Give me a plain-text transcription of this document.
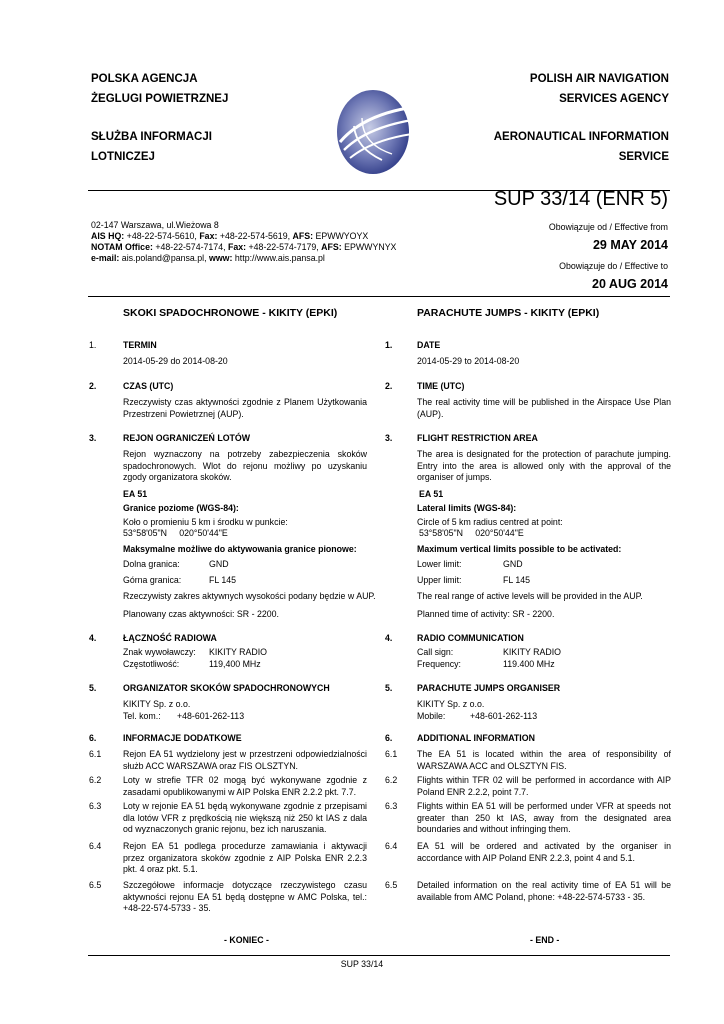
POLSKA AGENCJA
ŻEGLUGI POWIETRZNEJ
SŁUŻBA INFORMACJI
LOTNICZEJ
POLISH AIR NAVIGATION
SERVICES AGENCY
AERONAUTICAL INFORMATION
SERVICE
02-147 Warszawa, ul.Wieżowa 8
AIS HQ: +48-22-574-5610, Fax: +48-22-574-5619, AFS: EPWWYOYX
NOTAM Office: +48-22-574-7174, Fax: +48-22-574-7179, AFS: EPWWYNYX
e-mail: ais.poland@pansa.pl, www: http://www.ais.pansa.pl
SUP 33/14 (ENR 5)
Obowiązuje od / Effective from
29 MAY 2014
Obowiązuje do / Effective to
20 AUG 2014
SKOKI SPADOCHRONOWE - KIKITY (EPKI)	PARACHUTE JUMPS - KIKITY (EPKI)
1.	TERMIN
2014-05-29 do 2014-08-20
2.	CZAS (UTC)
Rzeczywisty czas aktywności zgodnie z Planem Użytkowania Przestrzeni Powietrznej (AUP).
3.	REJON OGRANICZEŃ LOTÓW
Rejon wyznaczony na potrzeby zabezpieczenia skoków spadochronowych. Wlot do rejonu możliwy po uzyskaniu zgody organizatora skoków.
EA 51
Granice poziome (WGS-84):
Koło o promieniu 5 km i środku w punkcie:
53°58'05"N     020°50'44"E
Maksymalne możliwe do aktywowania granice pionowe:
Dolna granica:	GND
Górna granica:	FL 145
Rzeczywisty zakres aktywnych wysokości podany będzie w AUP.
Planowany czas aktywności: SR - 2200.
4.	ŁĄCZNOŚĆ RADIOWA
Znak wywoławczy: KIKITY RADIO
Częstotliwość:	119,400 MHz
5.	ORGANIZATOR SKOKÓW SPADOCHRONOWYCH
KIKITY Sp. z o.o.
Tel. kom.: +48-601-262-113
6.	INFORMACJE DODATKOWE
6.1 Rejon EA 51 wydzielony jest w przestrzeni odpowiedzialności służb ACC WARSZAWA oraz FIS OLSZTYN.
6.2 Loty w strefie TFR 02 mogą być wykonywane zgodnie z zasadami opublikowanymi w AIP Polska ENR 2.2.2 pkt. 7.7.
6.3 Loty w rejonie EA 51 będą wykonywane zgodnie z przepisami dla lotów VFR z prędkością nie większą niż 250 kt IAS z dala od wyznaczonych granic rejonu, bez ich naruszania.
6.4 Rejon EA 51 podlega procedurze zamawiania i aktywacji przez organizatora skoków zgodnie z AIP Polska ENR 2.2.3 pkt. 4 oraz pkt. 5.1.
6.5 Szczegółowe informacje dotyczące rzeczywistego czasu aktywności rejonu EA 51 będą dostępne w AMC Polska, tel.: +48-22-574-5733 - 35.
- KONIEC -
1.	DATE
2014-05-29 to 2014-08-20
2.	TIME (UTC)
The real activity time will be published in the Airspace Use Plan (AUP).
3.	FLIGHT RESTRICTION AREA
The area is designated for the protection of parachute jumping. Entry into the area is allowed only with the approval of the organiser of jumps.
EA 51
Lateral limits (WGS-84):
Circle of 5 km radius centred at point:
53°58'05"N     020°50'44"E
Maximum vertical limits possible to be activated:
Lower limit:	GND
Upper limit:	FL 145
The real range of active levels will be provided in the AUP.
Planned time of activity: SR - 2200.
4.	RADIO COMMUNICATION
Call sign:	KIKITY RADIO
Frequency:	119.400 MHz
5.	PARACHUTE JUMPS ORGANISER
KIKITY Sp. z o.o.
Mobile:	+48-601-262-113
6.	ADDITIONAL INFORMATION
6.1 The EA 51 is located within the area of responsibility of WARSZAWA ACC and OLSZTYN FIS.
6.2 Flights within TFR 02 will be performed in accordance with AIP Poland ENR 2.2.2, point 7.7.
6.3 Flights within EA 51 will be performed under VFR at speeds not greater than 250 kt IAS, away from the designated area boundaries and without infringing them.
6.4 EA 51 will be ordered and activated by the organiser in accordance with AIP Poland ENR 2.2.3, point 4 and 5.1.
6.5 Detailed information on the real activity time of EA 51 will be available from AMC Poland, phone: +48-22-574-5733 - 35.
- END -
SUP 33/14
